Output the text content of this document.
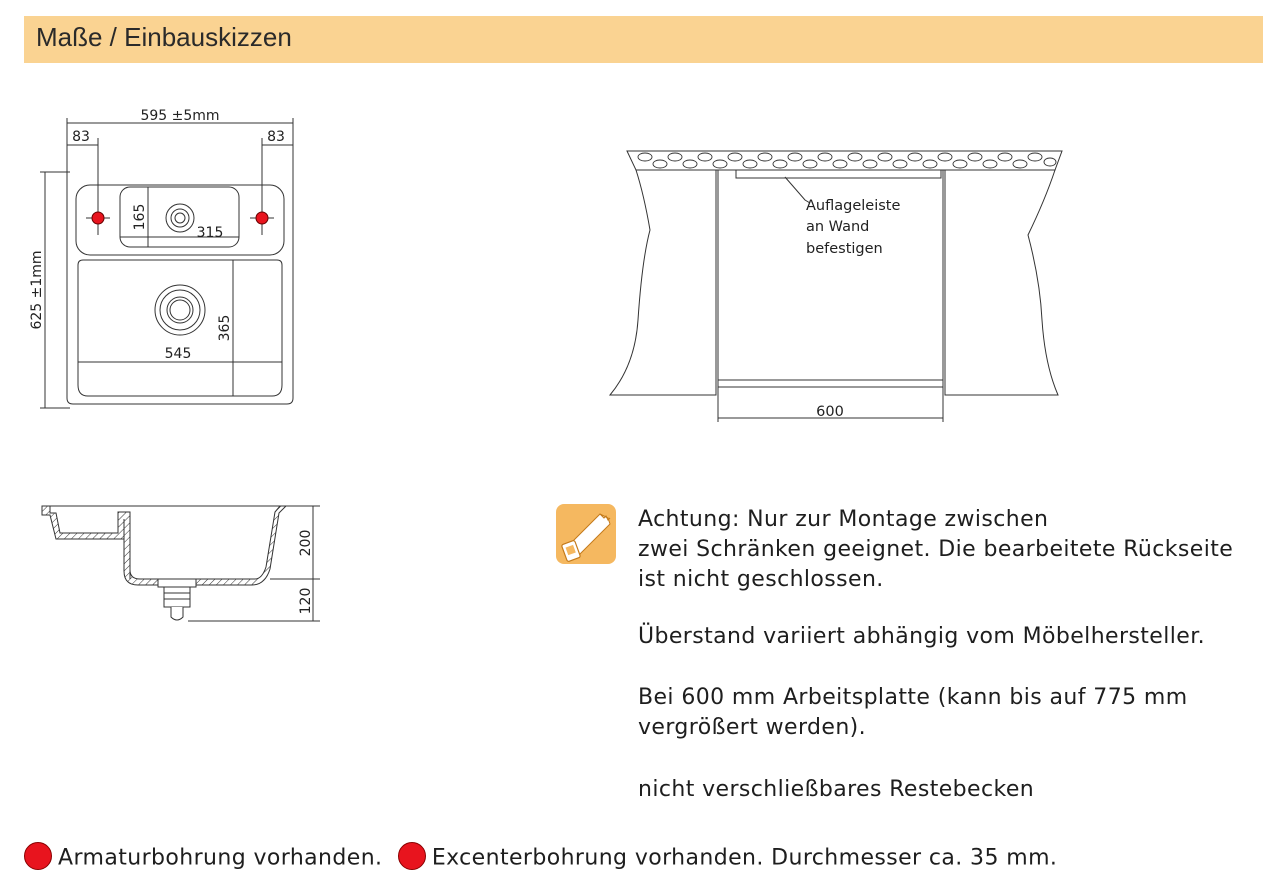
Maße / Einbauskizzen
595 ±5mm
83	83
625 ±1mm
165
315
545
365
Auflageleiste
an Wand
befestigen
600
200
120
Achtung: Nur zur Montage zwischen
zwei Schränken geeignet. Die bearbeitete Rückseite
ist nicht geschlossen.
Überstand variiert abhängig vom Möbelhersteller.
Bei 600 mm Arbeitsplatte (kann bis auf 775 mm
vergrößert werden).
nicht verschließbares Restebecken
Armaturbohrung vorhanden. Excenterbohrung vorhanden. Durchmesser ca. 35 mm.
